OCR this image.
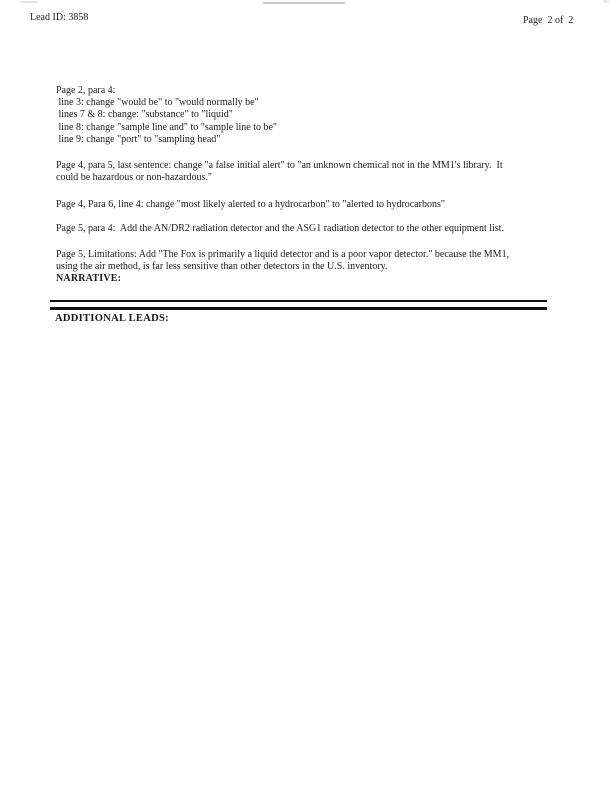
Lead ID: 3858	Page  2 of  2
Page 2, para 4:
line 3: change "would be" to "would normally be"
lines 7 & 8: change: "substance" to "liquid"
line 8: change "sample line and" to "sample line to be"
line 9: change "port" to "sampling head"
Page 4, para 5, last sentence: change "a false initial alert" to "an unknown chemical not in the MM1's library.  It
could be hazardous or non-hazardous."
Page 4, Para 6, line 4: change "most likely alerted to a hydrocarbon" to "alerted to hydrocarbons"
Page 5, para 4:  Add the AN/DR2 radiation detector and the ASG1 radiation detector to the other equipment list.
Page 5, Limitations: Add "The Fox is primarily a liquid detector and is a poor vapor detector." because the MM1,
using the air method, is far less sensitive than other detectors in the U.S. inventory.
NARRATIVE:
ADDITIONAL LEADS:
